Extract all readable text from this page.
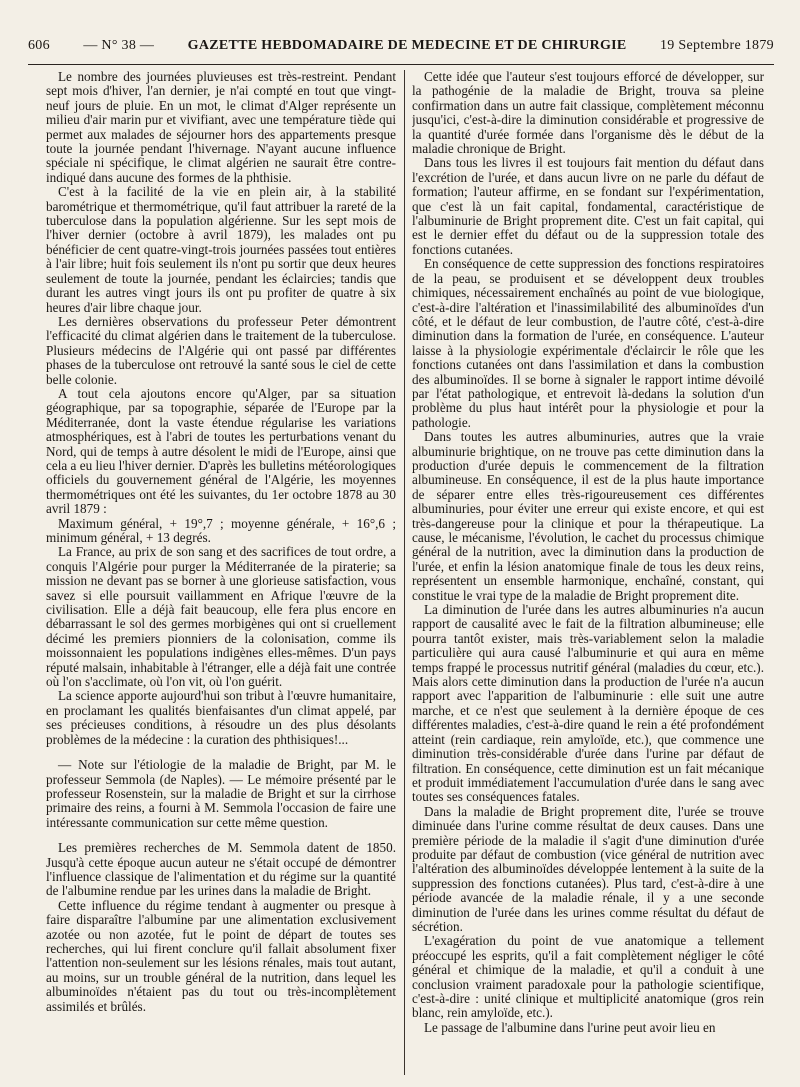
606 — N° 38 — GAZETTE HEBDOMADAIRE DE MEDECINE ET DE CHIRURGIE 19 Septembre 1879

Le nombre des journées pluvieuses est très-restreint. Pendant sept mois d'hiver, l'an dernier, je n'ai compté en tout que vingt-neuf jours de pluie. En un mot, le climat d'Alger représente un milieu d'air marin pur et vivifiant, avec une température tiède qui permet aux malades de séjourner hors des appartements presque toute la journée pendant l'hivernage. N'ayant aucune influence spéciale ni spécifique, le climat algérien ne saurait être contre-indiqué dans aucune des formes de la phthisie.

C'est à la facilité de la vie en plein air, à la stabilité barométrique et thermométrique, qu'il faut attribuer la rareté de la tuberculose dans la population algérienne. Sur les sept mois de l'hiver dernier (octobre à avril 1879), les malades ont pu bénéficier de cent quatre-vingt-trois journées passées tout entières à l'air libre; huit fois seulement ils n'ont pu sortir que deux heures seulement de toute la journée, pendant les éclaircies; tandis que durant les autres vingt jours ils ont pu profiter de quatre à six heures d'air libre chaque jour.

Les dernières observations du professeur Peter démontrent l'efficacité du climat algérien dans le traitement de la tuberculose. Plusieurs médecins de l'Algérie qui ont passé par différentes phases de la tuberculose ont retrouvé la santé sous le ciel de cette belle colonie.

A tout cela ajoutons encore qu'Alger, par sa situation géographique, par sa topographie, séparée de l'Europe par la Méditerranée, dont la vaste étendue régularise les variations atmosphériques, est à l'abri de toutes les perturbations venant du Nord, qui de temps à autre désolent le midi de l'Europe, ainsi que cela a eu lieu l'hiver dernier. D'après les bulletins météorologiques officiels du gouvernement général de l'Algérie, les moyennes thermométriques ont été les suivantes, du 1er octobre 1878 au 30 avril 1879 :

Maximum général, + 19°,7 ; moyenne générale, + 16°,6 ; minimum général, + 13 degrés.

La France, au prix de son sang et des sacrifices de tout ordre, a conquis l'Algérie pour purger la Méditerranée de la piraterie; sa mission ne devant pas se borner à une glorieuse satisfaction, vous savez si elle poursuit vaillamment en Afrique l'œuvre de la civilisation. Elle a déjà fait beaucoup, elle fera plus encore en débarrassant le sol des germes morbigènes qui ont si cruellement décimé les premiers pionniers de la colonisation, comme ils moissonnaient les populations indigènes elles-mêmes. D'un pays réputé malsain, inhabitable à l'étranger, elle a déjà fait une contrée où l'on s'acclimate, où l'on vit, où l'on guérit.

La science apporte aujourd'hui son tribut à l'œuvre humanitaire, en proclamant les qualités bienfaisantes d'un climat appelé, par ses précieuses conditions, à résoudre un des plus désolants problèmes de la médecine : la curation des phthisiques!...

— Note sur l'étiologie de la maladie de Bright, par M. le professeur Semmola (de Naples). — Le mémoire présenté par le professeur Rosenstein, sur la maladie de Bright et sur la cirrhose primaire des reins, a fourni à M. Semmola l'occasion de faire une intéressante communication sur cette même question.

Les premières recherches de M. Semmola datent de 1850. Jusqu'à cette époque aucun auteur ne s'était occupé de démontrer l'influence classique de l'alimentation et du régime sur la quantité de l'albumine rendue par les urines dans la maladie de Bright.

Cette influence du régime tendant à augmenter ou presque à faire disparaître l'albumine par une alimentation exclusivement azotée ou non azotée, fut le point de départ de toutes ses recherches, qui lui firent conclure qu'il fallait absolument fixer l'attention non-seulement sur les lésions rénales, mais tout autant, au moins, sur un trouble général de la nutrition, dans lequel les albuminoïdes n'étaient pas du tout ou très-incomplètement assimilés et brûlés.

Cette idée que l'auteur s'est toujours efforcé de développer, sur la pathogénie de la maladie de Bright, trouva sa pleine confirmation dans un autre fait classique, complètement méconnu jusqu'ici, c'est-à-dire la diminution considérable et progressive de la quantité d'urée formée dans l'organisme dès le début de la maladie chronique de Bright.

Dans tous les livres il est toujours fait mention du défaut dans l'excrétion de l'urée, et dans aucun livre on ne parle du défaut de formation; l'auteur affirme, en se fondant sur l'expérimentation, que c'est là un fait capital, fondamental, caractéristique de l'albuminurie de Bright proprement dite. C'est un fait capital, qui est le dernier effet du défaut ou de la suppression totale des fonctions cutanées.

En conséquence de cette suppression des fonctions respiratoires de la peau, se produisent et se développent deux troubles chimiques, nécessairement enchaînés au point de vue biologique, c'est-à-dire l'altération et l'inassimilabilité des albuminoïdes d'un côté, et le défaut de leur combustion, de l'autre côté, c'est-à-dire diminution dans la formation de l'urée, en conséquence. L'auteur laisse à la physiologie expérimentale d'éclaircir le rôle que les fonctions cutanées ont dans l'assimilation et dans la combustion des albuminoïdes. Il se borne à signaler le rapport intime dévoilé par l'état pathologique, et entrevoit là-dedans la solution d'un problème du plus haut intérêt pour la physiologie et pour la pathologie.

Dans toutes les autres albuminuries, autres que la vraie albuminurie brightique, on ne trouve pas cette diminution dans la production d'urée depuis le commencement de la filtration albumineuse. En conséquence, il est de la plus haute importance de séparer entre elles très-rigoureusement ces différentes albuminuries, pour éviter une erreur qui existe encore, et qui est très-dangereuse pour la clinique et pour la thérapeutique. La cause, le mécanisme, l'évolution, le cachet du processus chimique général de la nutrition, avec la diminution dans la production de l'urée, et enfin la lésion anatomique finale de tous les deux reins, représentent un ensemble harmonique, enchaîné, constant, qui constitue le vrai type de la maladie de Bright proprement dite.

La diminution de l'urée dans les autres albuminuries n'a aucun rapport de causalité avec le fait de la filtration albumineuse; elle pourra tantôt exister, mais très-variablement selon la maladie particulière qui aura causé l'albuminurie et qui aura en même temps frappé le processus nutritif général (maladies du cœur, etc.). Mais alors cette diminution dans la production de l'urée n'a aucun rapport avec l'apparition de l'albuminurie : elle suit une autre marche, et ce n'est que seulement à la dernière époque de ces différentes maladies, c'est-à-dire quand le rein a été profondément atteint (rein cardiaque, rein amyloïde, etc.), que commence une diminution très-considérable d'urée dans l'urine par défaut de filtration. En conséquence, cette diminution est un fait mécanique et produit immédiatement l'accumulation d'urée dans le sang avec toutes ses conséquences fatales.

Dans la maladie de Bright proprement dite, l'urée se trouve diminuée dans l'urine comme résultat de deux causes. Dans une première période de la maladie il s'agit d'une diminution d'urée produite par défaut de combustion (vice général de nutrition avec l'altération des albuminoïdes développée lentement à la suite de la suppression des fonctions cutanées). Plus tard, c'est-à-dire à une période avancée de la maladie rénale, il y a une seconde diminution de l'urée dans les urines comme résultat du défaut de sécrétion.

L'exagération du point de vue anatomique a tellement préoccupé les esprits, qu'il a fait complètement négliger le côté général et chimique de la maladie, et qu'il a conduit à une conclusion vraiment paradoxale pour la pathologie scientifique, c'est-à-dire : unité clinique et multiplicité anatomique (gros rein blanc, rein amyloïde, etc.).

Le passage de l'albumine dans l'urine peut avoir lieu en
